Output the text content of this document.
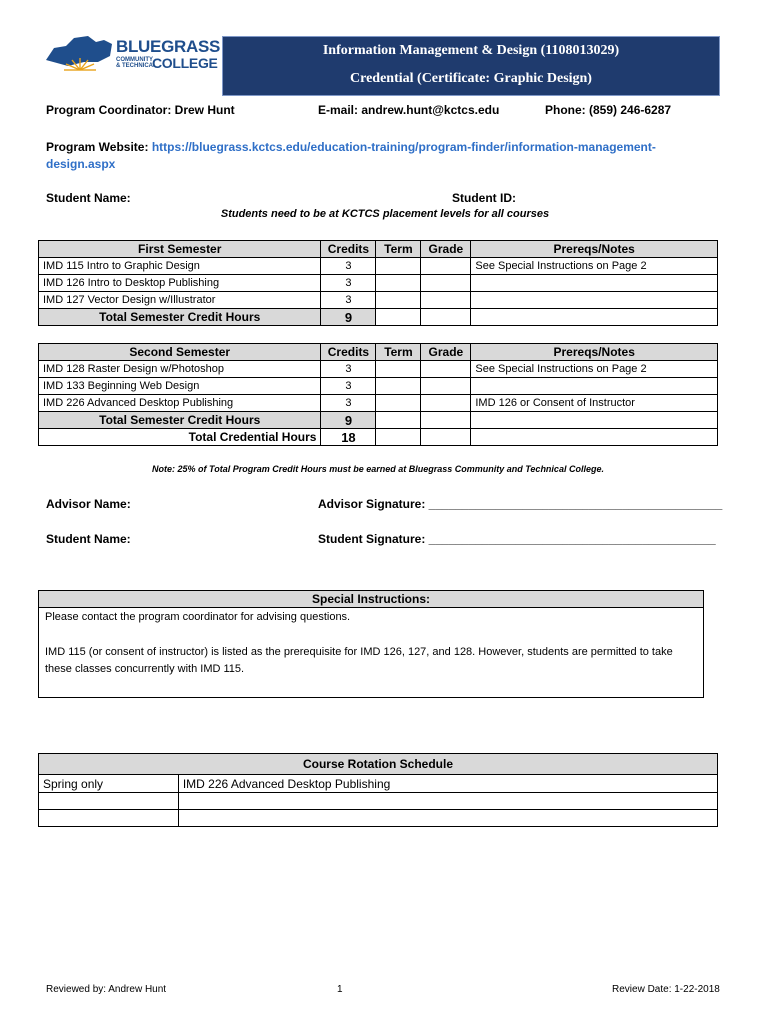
BLUEGRASS
COMMUNITY
& TECHNICAL
COLLEGE
Information Management & Design (1108013029)
Credential (Certificate: Graphic Design)
Program Coordinator: Drew Hunt	E-mail: andrew.hunt@kctcs.edu	Phone: (859) 246-6287
Program Website: https://bluegrass.kctcs.edu/education-training/program-finder/information-management-
design.aspx
Student Name:	Student ID:
Students need to be at KCTCS placement levels for all courses
First Semester	Credits	Term	Grade	Prereqs/Notes
IMD 115 Intro to Graphic Design	3			See Special Instructions on Page 2
IMD 126 Intro to Desktop Publishing	3			
IMD 127 Vector Design w/Illustrator	3			
Total Semester Credit Hours	9			
Second Semester	Credits	Term	Grade	Prereqs/Notes
IMD 128 Raster Design w/Photoshop	3			See Special Instructions on Page 2
IMD 133 Beginning Web Design	3			
IMD 226 Advanced Desktop Publishing	3			IMD 126 or Consent of Instructor
Total Semester Credit Hours	9			
Total Credential Hours	18			
Note: 25% of Total Program Credit Hours must be earned at Bluegrass Community and Technical College.
Advisor Name:	Advisor Signature: ____________________________________________
Student Name:	Student Signature: ___________________________________________
Special Instructions:

Please contact the program coordinator for advising questions.

IMD 115 (or consent of instructor) is listed as the prerequisite for IMD 126, 127, and 128. However, students are permitted to take these classes concurrently with IMD 115.

Course Rotation Schedule	
Spring only	IMD 226 Advanced Desktop Publishing

Reviewed by: Andrew Hunt	1	Review Date: 1-22-2018
